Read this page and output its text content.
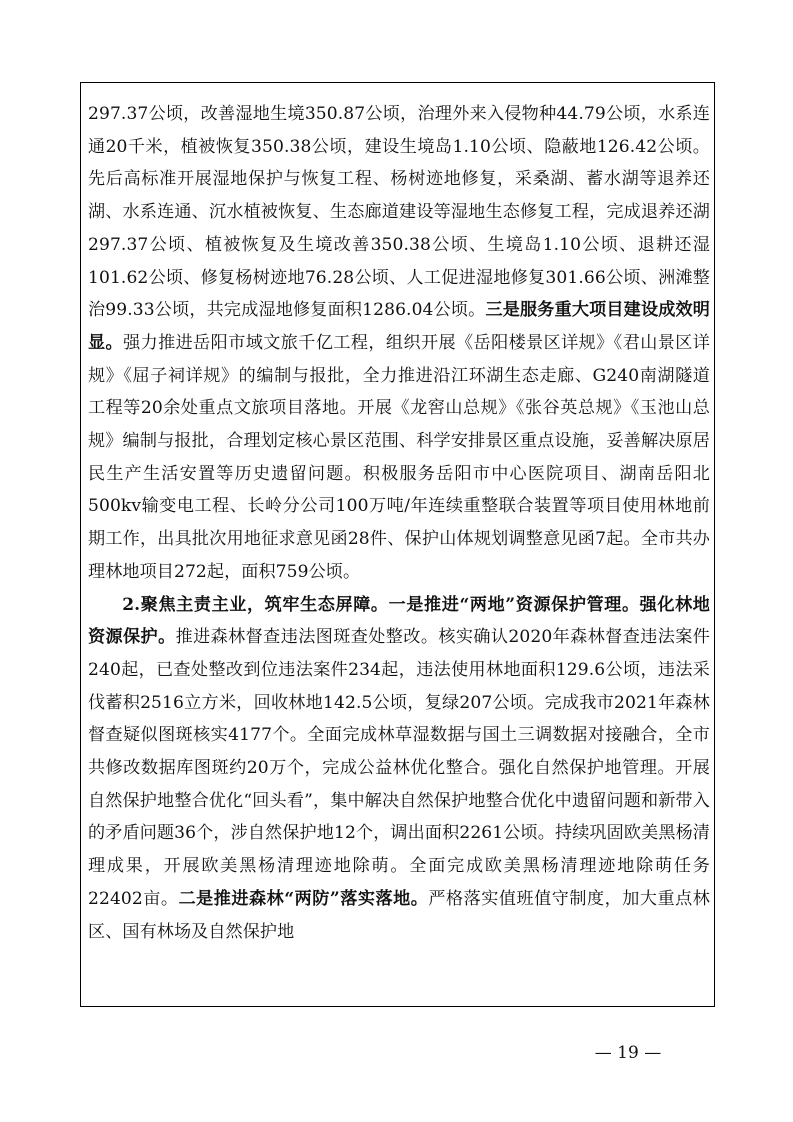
297.37公顷，改善湿地生境350.87公顷，治理外来入侵物种44.79公顷，水系连通20千米，植被恢复350.38公顷，建设生境岛1.10公顷、隐蔽地126.42公顷。先后高标准开展湿地保护与恢复工程、杨树迹地修复，采桑湖、蓄水湖等退养还湖、水系连通、沉水植被恢复、生态廊道建设等湿地生态修复工程，完成退养还湖297.37公顷、植被恢复及生境改善350.38公顷、生境岛1.10公顷、退耕还湿101.62公顷、修复杨树迹地76.28公顷、人工促进湿地修复301.66公顷、洲滩整治99.33公顷，共完成湿地修复面积1286.04公顷。三是服务重大项目建设成效明显。强力推进岳阳市域文旅千亿工程，组织开展《岳阳楼景区详规》《君山景区详规》《屈子祠详规》的编制与报批，全力推进沿江环湖生态走廊、G240南湖隧道工程等20余处重点文旅项目落地。开展《龙窖山总规》《张谷英总规》《玉池山总规》编制与报批，合理划定核心景区范围、科学安排景区重点设施，妥善解决原居民生产生活安置等历史遗留问题。积极服务岳阳市中心医院项目、湖南岳阳北500kv输变电工程、长岭分公司100万吨/年连续重整联合装置等项目使用林地前期工作，出具批次用地征求意见函28件、保护山体规划调整意见函7起。全市共办理林地项目272起，面积759公顷。

2.聚焦主责主业，筑牢生态屏障。一是推进“两地”资源保护管理。强化林地资源保护。推进森林督查违法图斑查处整改。核实确认2020年森林督查违法案件240起，已查处整改到位违法案件234起，违法使用林地面积129.6公顷，违法采伐蓄积2516立方米，回收林地142.5公顷，复绿207公顷。完成我市2021年森林督查疑似图斑核实4177个。全面完成林草湿数据与国土三调数据对接融合，全市共修改数据库图斑约20万个，完成公益林优化整合。强化自然保护地管理。开展自然保护地整合优化“回头看”，集中解决自然保护地整合优化中遗留问题和新带入的矛盾问题36个，涉自然保护地12个，调出面积2261公顷。持续巩固欧美黑杨清理成果，开展欧美黑杨清理迹地除萌。全面完成欧美黑杨清理迹地除萌任务22402亩。二是推进森林“两防”落实落地。严格落实值班值守制度，加大重点林区、国有林场及自然保护地

— 19 —
